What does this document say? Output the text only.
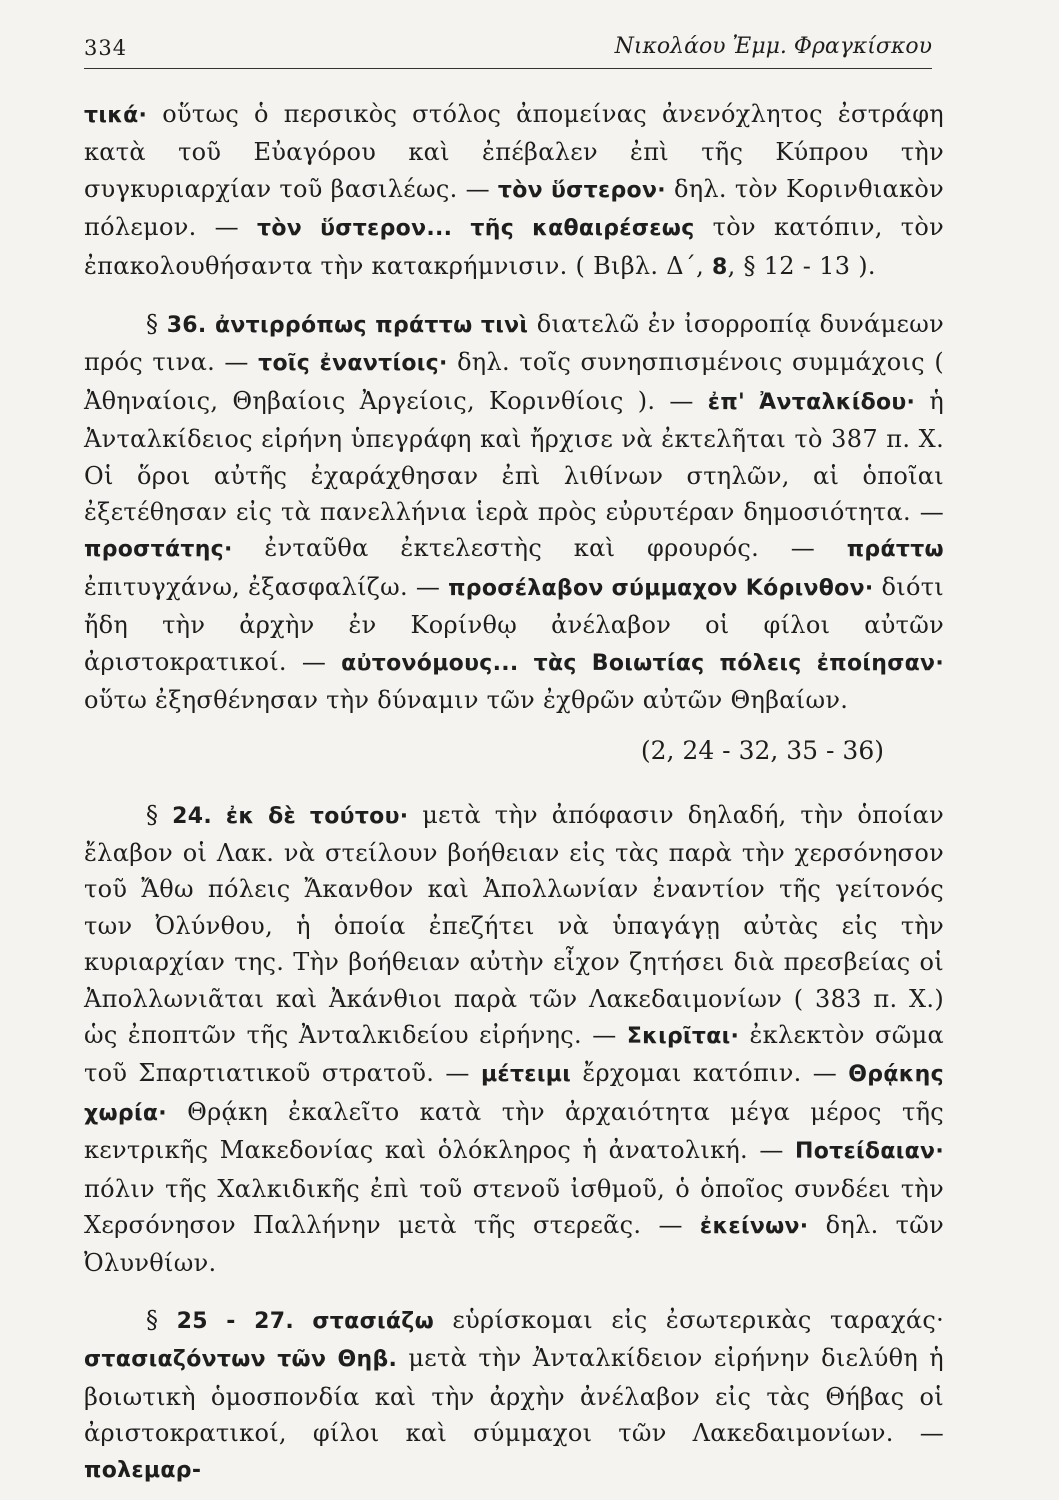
334	Νικολάου Ἐμμ. Φραγκίσκου

τικά· οὕτως ὁ περσικὸς στόλος ἀπομείνας ἀνενόχλητος ἐστράφη κατὰ τοῦ Εὐαγόρου καὶ ἐπέβαλεν ἐπὶ τῆς Κύπρου τὴν συγκυριαρχίαν τοῦ βασιλέως. — τὸν ὕστερον· δηλ. τὸν Κορινθιακὸν πόλεμον. — τὸν ὕστερον... τῆς καθαιρέσεως τὸν κατόπιν, τὸν ἐπακολουθήσαντα τὴν κατακρήμνισιν. ( Βιβλ. Δ΄, 8, § 12 - 13 ).

§ 36. ἀντιρρόπως πράττω τινὶ διατελῶ ἐν ἰσορροπίᾳ δυνάμεων πρός τινα. — τοῖς ἐναντίοις· δηλ. τοῖς συνησπισμένοις συμμάχοις ( Ἀθηναίοις, Θηβαίοις Ἀργείοις, Κορινθίοις ). — ἐπ' Ἀνταλκίδου· ἡ Ἀνταλκίδειος εἰρήνη ὑπεγράφη καὶ ἤρχισε νὰ ἐκτελῆται τὸ 387 π. Χ. Οἱ ὅροι αὐτῆς ἐχαράχθησαν ἐπὶ λιθίνων στηλῶν, αἱ ὁποῖαι ἐξετέθησαν εἰς τὰ πανελλήνια ἱερὰ πρὸς εὐρυτέραν δημοσιότητα. — προστάτης· ἐνταῦθα ἐκτελεστὴς καὶ φρουρός. — πράττω ἐπιτυγχάνω, ἐξασφαλίζω. — προσέλαβον σύμμαχον Κόρινθον· διότι ἤδη τὴν ἀρχὴν ἐν Κορίνθῳ ἀνέλαβον οἱ φίλοι αὐτῶν ἀριστοκρατικοί. — αὐτονόμους... τὰς Βοιωτίας πόλεις ἐποίησαν· οὕτω ἐξησθένησαν τὴν δύναμιν τῶν ἐχθρῶν αὐτῶν Θηβαίων.

(2, 24 - 32, 35 - 36)

§ 24. ἐκ δὲ τούτου· μετὰ τὴν ἀπόφασιν δηλαδή, τὴν ὁποίαν ἔλαβον οἱ Λακ. νὰ στείλουν βοήθειαν εἰς τὰς παρὰ τὴν χερσόνησον τοῦ Ἄθω πόλεις Ἄκανθον καὶ Ἀπολλωνίαν ἐναντίον τῆς γείτονός των Ὀλύνθου, ἡ ὁποία ἐπεζήτει νὰ ὑπαγάγῃ αὐτὰς εἰς τὴν κυριαρχίαν της. Τὴν βοήθειαν αὐτὴν εἶχον ζητήσει διὰ πρεσβείας οἱ Ἀπολλωνιᾶται καὶ Ἀκάνθιοι παρὰ τῶν Λακεδαιμονίων ( 383 π. Χ.) ὡς ἐποπτῶν τῆς Ἀνταλκιδείου εἰρήνης. — Σκιρῖται· ἐκλεκτὸν σῶμα τοῦ Σπαρτιατικοῦ στρατοῦ. — μέτειμι ἔρχομαι κατόπιν. — Θρᾴκης χωρία· Θρᾴκη ἐκαλεῖτο κατὰ τὴν ἀρχαιότητα μέγα μέρος τῆς κεντρικῆς Μακεδονίας καὶ ὁλόκληρος ἡ ἀνατολική. — Ποτείδαιαν· πόλιν τῆς Χαλκιδικῆς ἐπὶ τοῦ στενοῦ ἰσθμοῦ, ὁ ὁποῖος συνδέει τὴν Χερσόνησον Παλλήνην μετὰ τῆς στερεᾶς. — ἐκείνων· δηλ. τῶν Ὀλυνθίων.

§ 25 - 27. στασιάζω εὑρίσκομαι εἰς ἐσωτερικὰς ταραχάς· στασιαζόντων τῶν Θηβ. μετὰ τὴν Ἀνταλκίδειον εἰρήνην διελύθη ἡ βοιωτικὴ ὁμοσπονδία καὶ τὴν ἀρχὴν ἀνέλαβον εἰς τὰς Θήβας οἱ ἀριστοκρατικοί, φίλοι καὶ σύμμαχοι τῶν Λακεδαιμονίων. — πολεμαρ-
